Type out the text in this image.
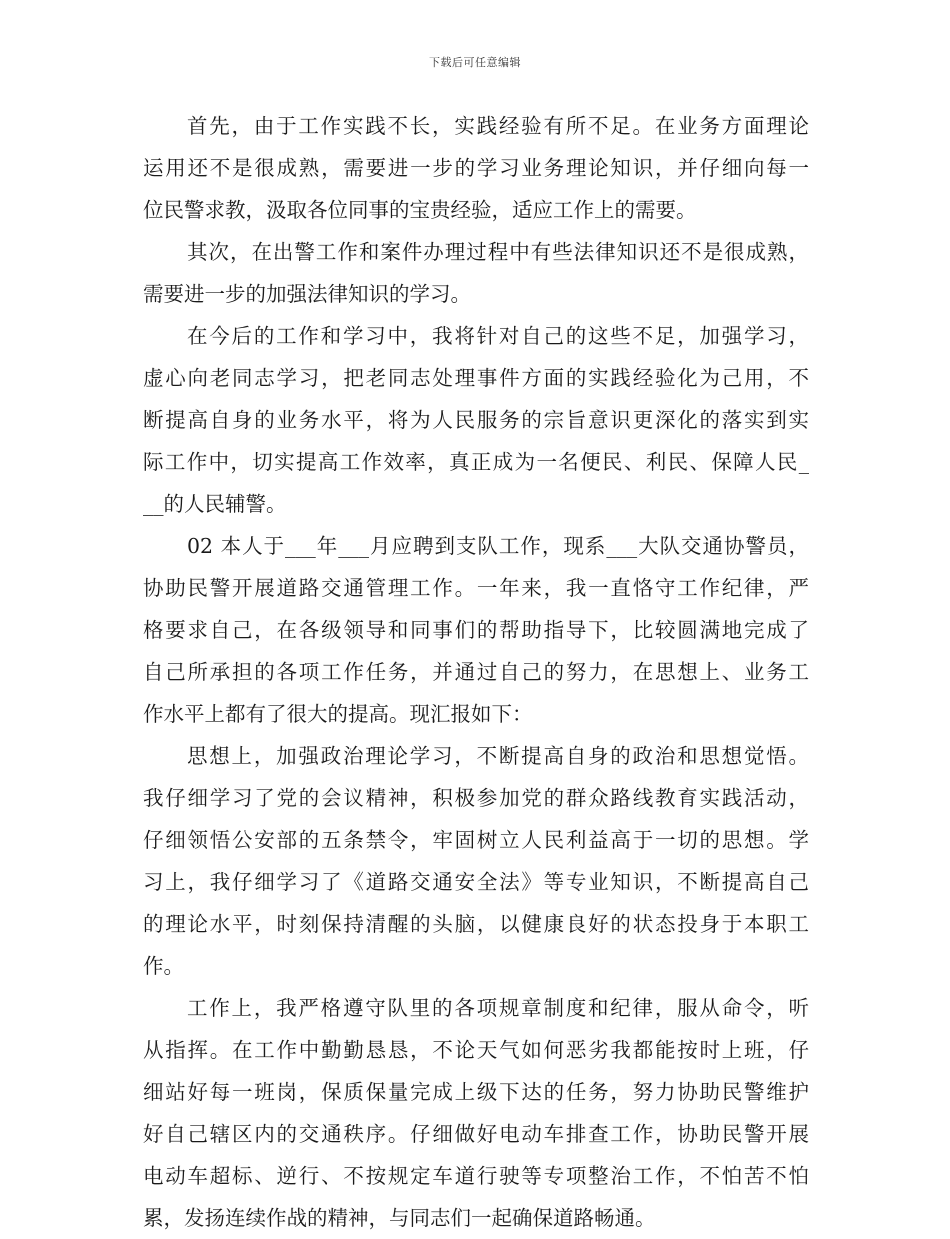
下载后可任意编辑
首先，由于工作实践不长，实践经验有所不足。在业务方面理论
运用还不是很成熟，需要进一步的学习业务理论知识，并仔细向每一
位民警求教，汲取各位同事的宝贵经验，适应工作上的需要。
其次，在出警工作和案件办理过程中有些法律知识还不是很成熟，
需要进一步的加强法律知识的学习。
在今后的工作和学习中，我将针对自己的这些不足，加强学习，
虚心向老同志学习，把老同志处理事件方面的实践经验化为己用，不
断提高自身的业务水平，将为人民服务的宗旨意识更深化的落实到实
际工作中，切实提高工作效率，真正成为一名便民、利民、保障人民_
__的人民辅警。
02 本人于___年___月应聘到支队工作，现系___大队交通协警员，
协助民警开展道路交通管理工作。一年来，我一直恪守工作纪律，严
格要求自己，在各级领导和同事们的帮助指导下，比较圆满地完成了
自己所承担的各项工作任务，并通过自己的努力，在思想上、业务工
作水平上都有了很大的提高。现汇报如下：
思想上，加强政治理论学习，不断提高自身的政治和思想觉悟。
我仔细学习了党的会议精神，积极参加党的群众路线教育实践活动，
仔细领悟公安部的五条禁令，牢固树立人民利益高于一切的思想。学
习上，我仔细学习了《道路交通安全法》等专业知识，不断提高自己
的理论水平，时刻保持清醒的头脑，以健康良好的状态投身于本职工
作。
工作上，我严格遵守队里的各项规章制度和纪律，服从命令，听
从指挥。在工作中勤勤恳恳，不论天气如何恶劣我都能按时上班，仔
细站好每一班岗，保质保量完成上级下达的任务，努力协助民警维护
好自己辖区内的交通秩序。仔细做好电动车排查工作，协助民警开展
电动车超标、逆行、不按规定车道行驶等专项整治工作，不怕苦不怕
累，发扬连续作战的精神，与同志们一起确保道路畅通。
